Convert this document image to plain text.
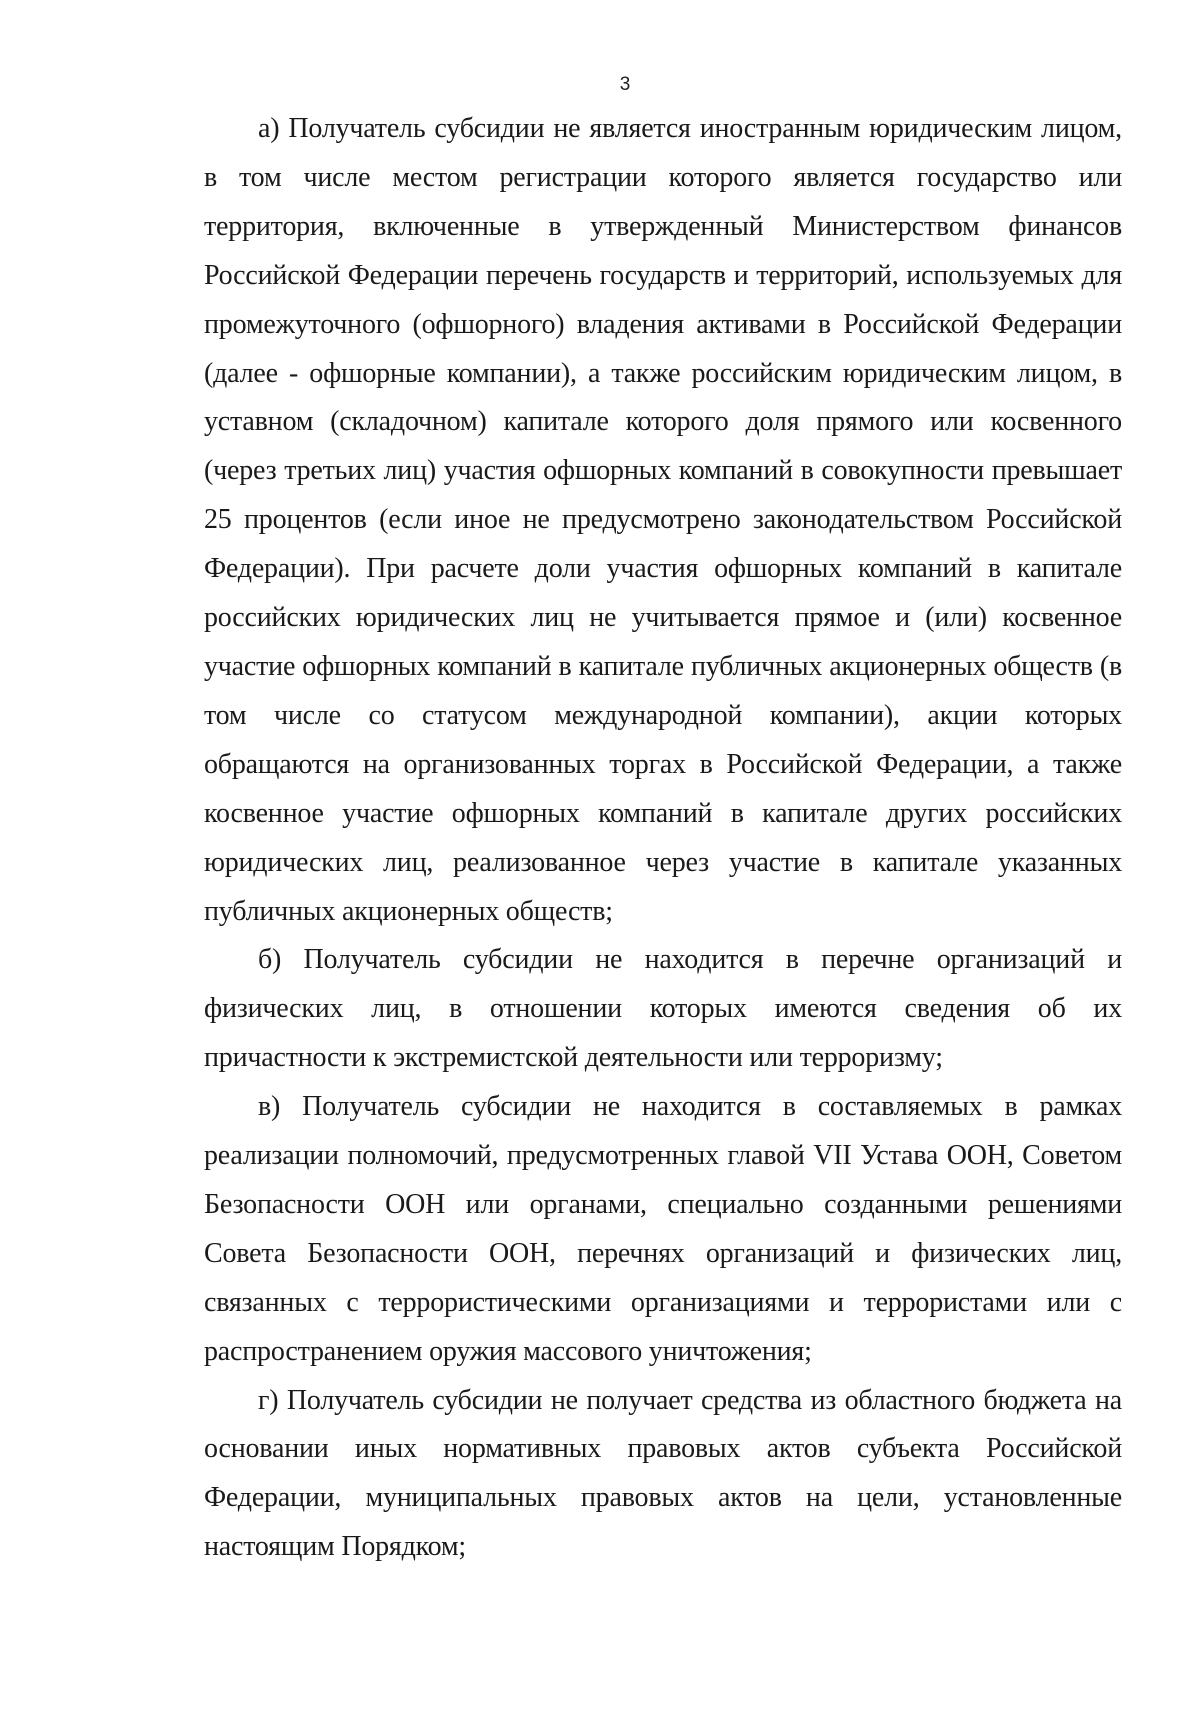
3

а) Получатель субсидии не является иностранным юридическим лицом, в том числе местом регистрации которого является государство или территория, включенные в утвержденный Министерством финансов Российской Федерации перечень государств и территорий, используемых для промежуточного (офшорного) владения активами в Российской Федерации (далее - офшорные компании), а также российским юридическим лицом, в уставном (складочном) капитале которого доля прямого или косвенного (через третьих лиц) участия офшорных компаний в совокупности превышает 25 процентов (если иное не предусмотрено законодательством Российской Федерации). При расчете доли участия офшорных компаний в капитале российских юридических лиц не учитывается прямое и (или) косвенное участие офшорных компаний в капитале публичных акционерных обществ (в том числе со статусом международной компании), акции которых обращаются на организованных торгах в Российской Федерации, а также косвенное участие офшорных компаний в капитале других российских юридических лиц, реализованное через участие в капитале указанных публичных акционерных обществ;

б) Получатель субсидии не находится в перечне организаций и физических лиц, в отношении которых имеются сведения об их причастности к экстремистской деятельности или терроризму;

в) Получатель субсидии не находится в составляемых в рамках реализации полномочий, предусмотренных главой VII Устава ООН, Советом Безопасности ООН или органами, специально созданными решениями Совета Безопасности ООН, перечнях организаций и физических лиц, связанных с террористическими организациями и террористами или с распространением оружия массового уничтожения;

г) Получатель субсидии не получает средства из областного бюджета на основании иных нормативных правовых актов субъекта Российской Федерации, муниципальных правовых актов на цели, установленные настоящим Порядком;
